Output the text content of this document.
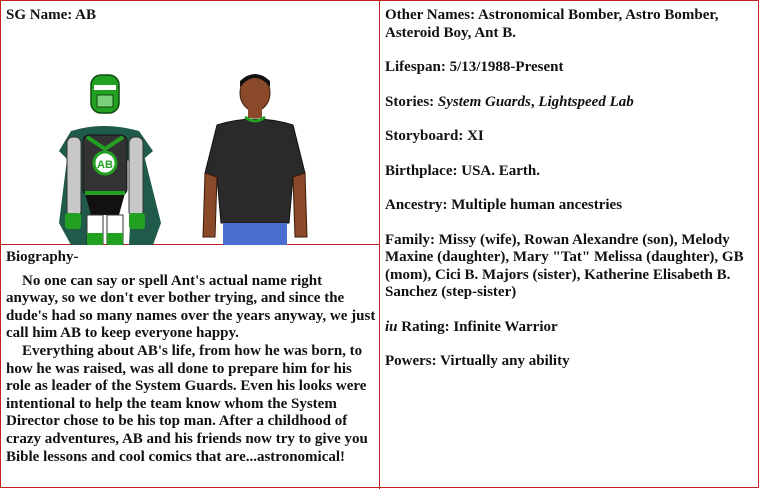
SG Name: AB
AB
Biography-

No one can say or spell Ant's actual name right anyway, so we don't ever bother trying, and since the dude's had so many names over the years anyway, we just call him AB to keep everyone happy.

Everything about AB's life, from how he was born, to how he was raised, was all done to prepare him for his role as leader of the System Guards. Even his looks were intentional to help the team know whom the System Director chose to be his top man. After a childhood of crazy adventures, AB and his friends now try to give you Bible lessons and cool comics that are...astronomical!

Other Names: Astronomical Bomber, Astro Bomber, Asteroid Boy, Ant B.
Lifespan: 5/13/1988-Present
Stories: System Guards, Lightspeed Lab
Storyboard: XI
Birthplace: USA. Earth.
Ancestry: Multiple human ancestries
Family: Missy (wife), Rowan Alexandre (son), Melody Maxine (daughter), Mary "Tat" Melissa (daughter), GB (mom), Cici B. Majors (sister), Katherine Elisabeth B. Sanchez (step-sister)
iu Rating: Infinite Warrior
Powers: Virtually any ability
